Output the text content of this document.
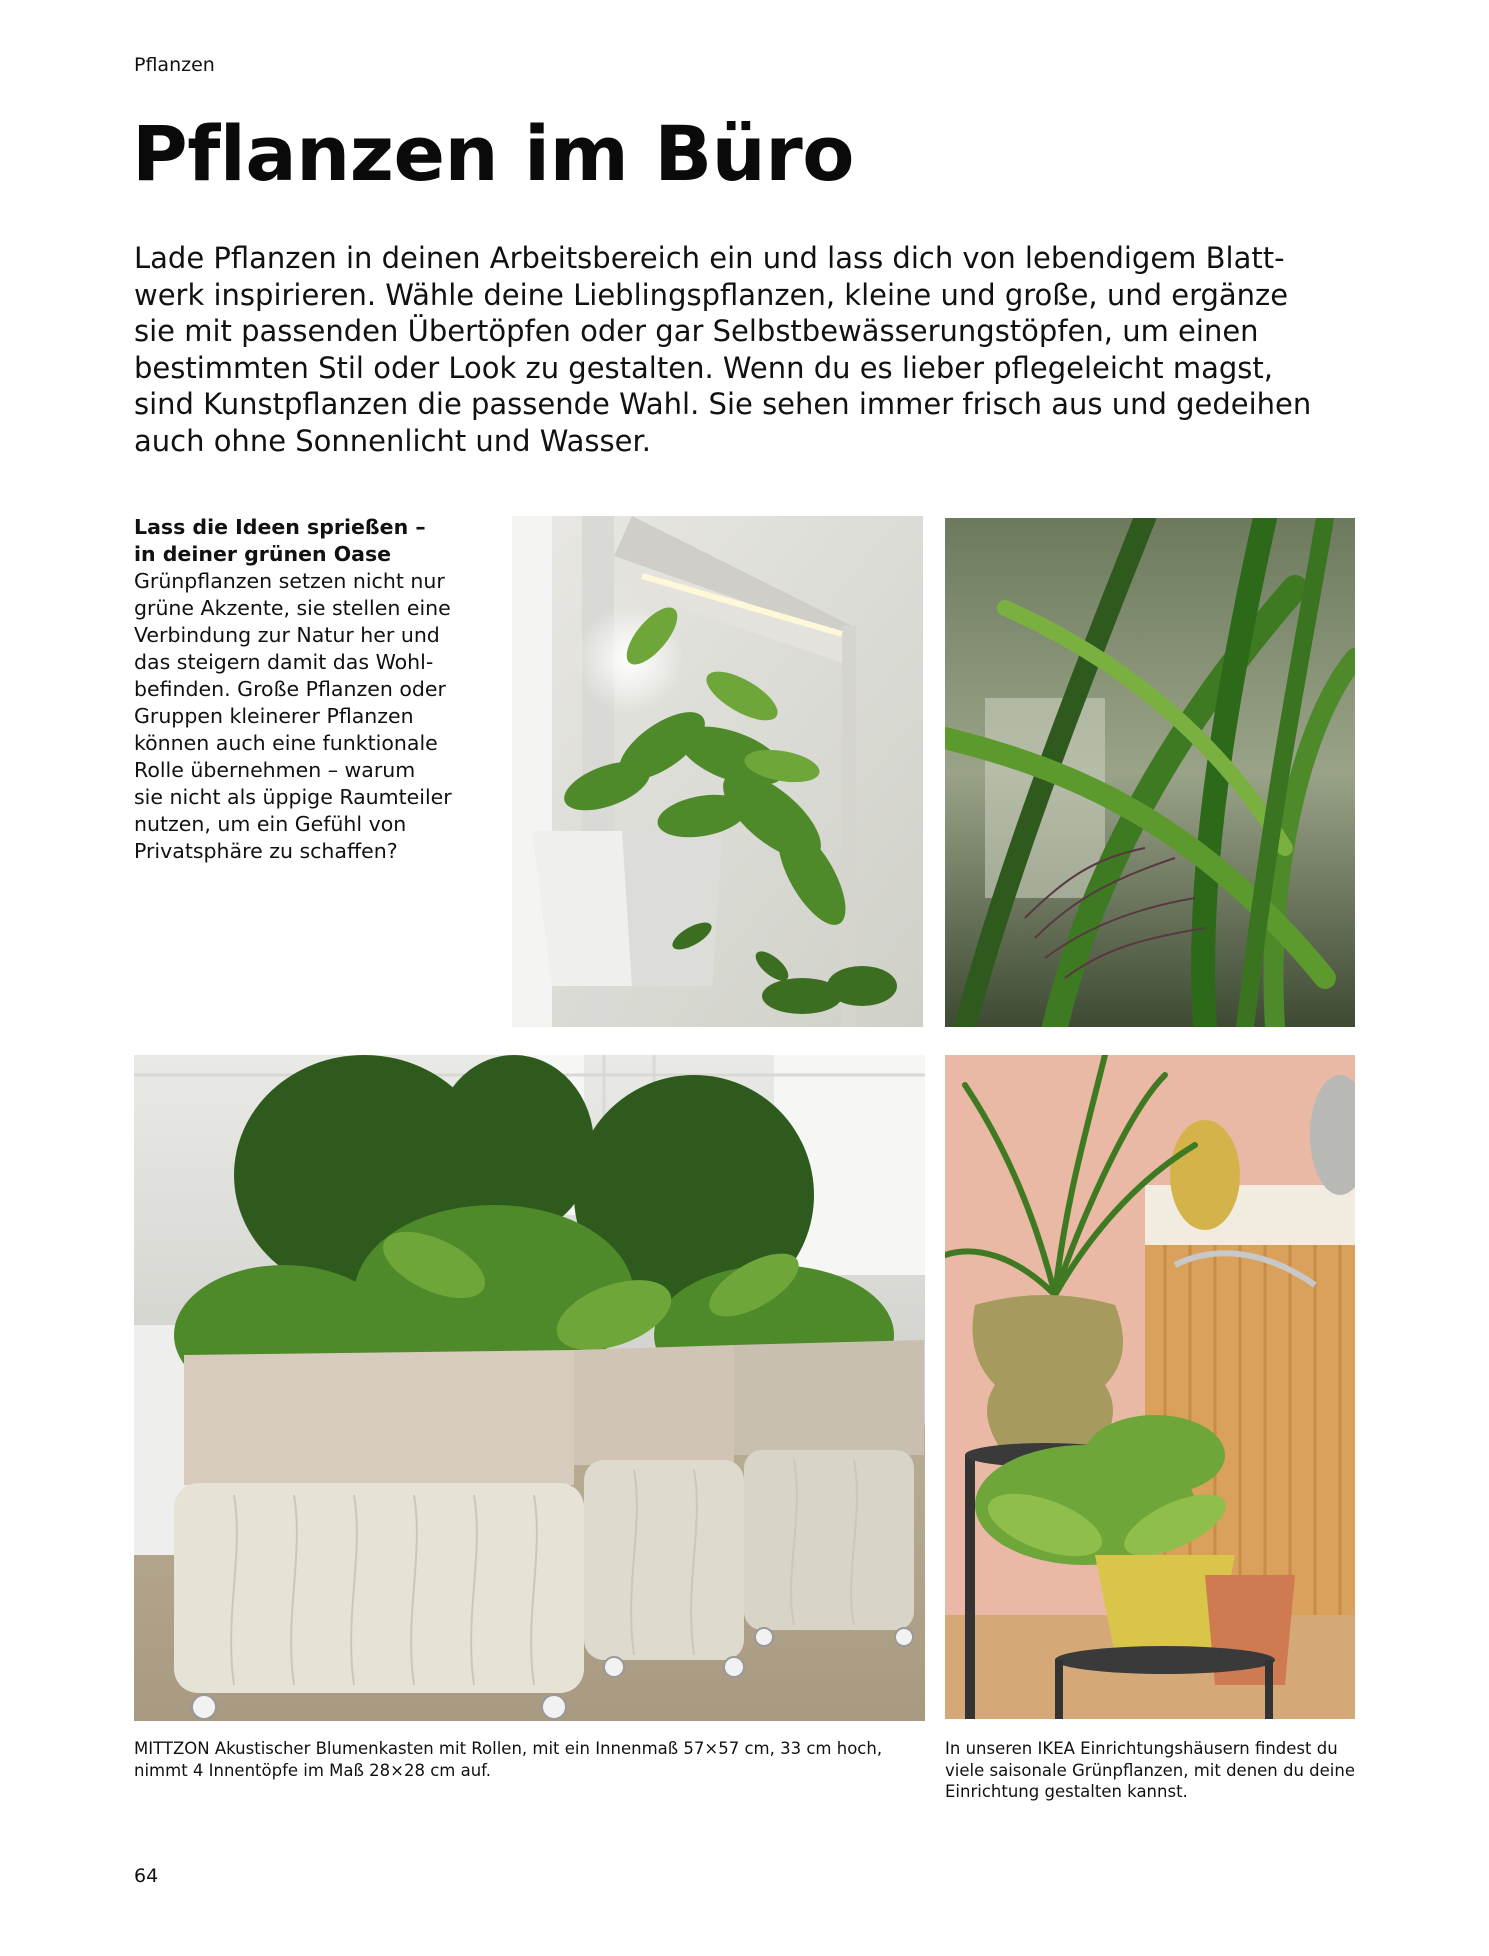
Pflanzen
Pflanzen im Büro
Lade Pflanzen in deinen Arbeitsbereich ein und lass dich von lebendigem Blatt-
werk inspirieren. Wähle deine Lieblingspflanzen, kleine und große, und ergänze
sie mit passenden Übertöpfen oder gar Selbstbewässerungstöpfen, um einen
bestimmten Stil oder Look zu gestalten. Wenn du es lieber pflegeleicht magst,
sind Kunstpflanzen die passende Wahl. Sie sehen immer frisch aus und gedeihen
auch ohne Sonnenlicht und Wasser.
Lass die Ideen sprießen –
in deiner grünen Oase
Grünpflanzen setzen nicht nur
grüne Akzente, sie stellen eine
Verbindung zur Natur her und
das steigern damit das Wohl-
befinden. Große Pflanzen oder
Gruppen kleinerer Pflanzen
können auch eine funktionale
Rolle übernehmen – warum
sie nicht als üppige Raumteiler
nutzen, um ein Gefühl von
Privatsphäre zu schaffen?
MITTZON Akustischer Blumenkasten mit Rollen, mit ein Innenmaß 57×57 cm, 33 cm hoch,
nimmt 4 Innentöpfe im Maß 28×28 cm auf.
In unseren IKEA Einrichtungshäusern findest du
viele saisonale Grünpflanzen, mit denen du deine
Einrichtung gestalten kannst.
64
